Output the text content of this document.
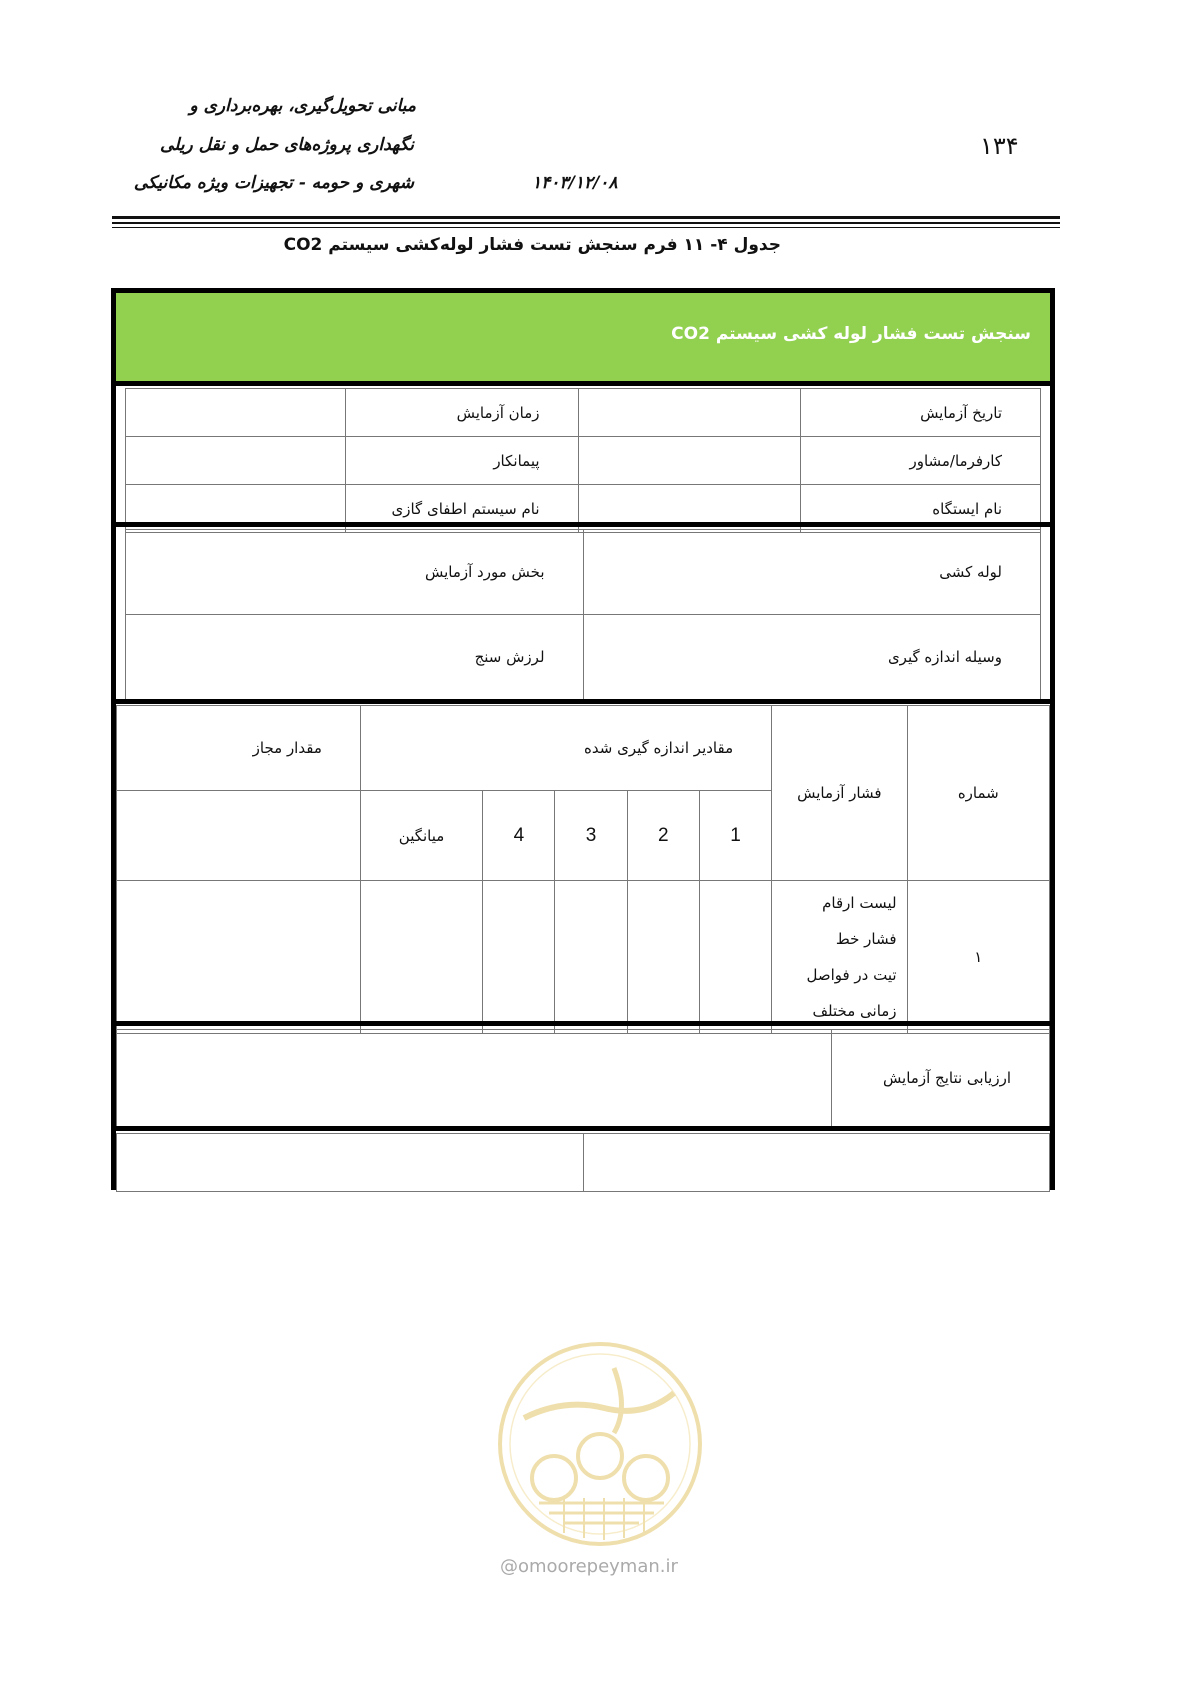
مبانی تحویل‌گیری، بهره‌برداری و
نگهداری پروژه‌های حمل و نقل ریلی
شهری و حومه - تجهیزات ویژه مکانیکی	۱۴۰۳/۱۲/۰۸
۱۳۴
جدول ۴- ۱۱ فرم سنجش تست فشار لوله‌کشی سیستم CO2
سنجش تست فشار لوله کشی سیستم CO2
تاریخ آزمایش		زمان آزمایش	
کارفرما/مشاور		پیمانکار	
نام ایستگاه		نام سیستم اطفای گازی	
لوله کشی	بخش مورد آزمایش
وسیله اندازه گیری	لرزش سنج
شماره	فشار آزمایش	مقادیر اندازه گیری شده					مقدار مجاز
		1	2	3	4	میانگین	
۱	لیست ارقام
فشار خط
تیت در فواصل
زمانی مختلف						

ارزیابی نتایج آزمایش	

@omoorepeyman.ir
